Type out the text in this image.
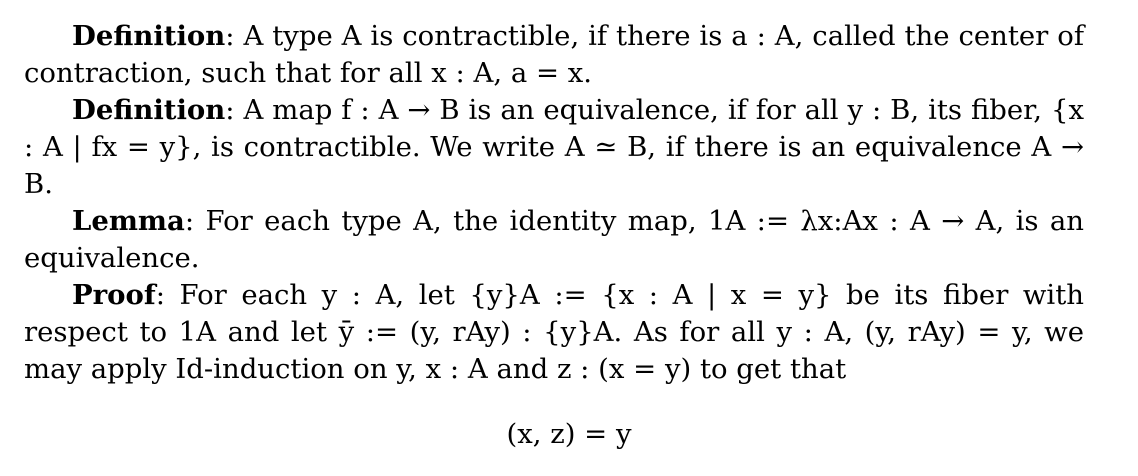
Definition: A type A is contractible, if there is a : A, called the center of contraction, such that for all x : A, a = x.

Definition: A map f : A → B is an equivalence, if for all y : B, its fiber, {x : A | fx = y}, is contractible. We write A ≃ B, if there is an equivalence A → B.

Lemma: For each type A, the identity map, 1A := λx:Ax : A → A, is an equivalence.

Proof: For each y : A, let {y}A := {x : A | x = y} be its fiber with respect to 1A and let ȳ := (y, rAy) : {y}A. As for all y : A, (y, rAy) = y, we may apply Id-induction on y, x : A and z : (x = y) to get that

(x, z) = y
